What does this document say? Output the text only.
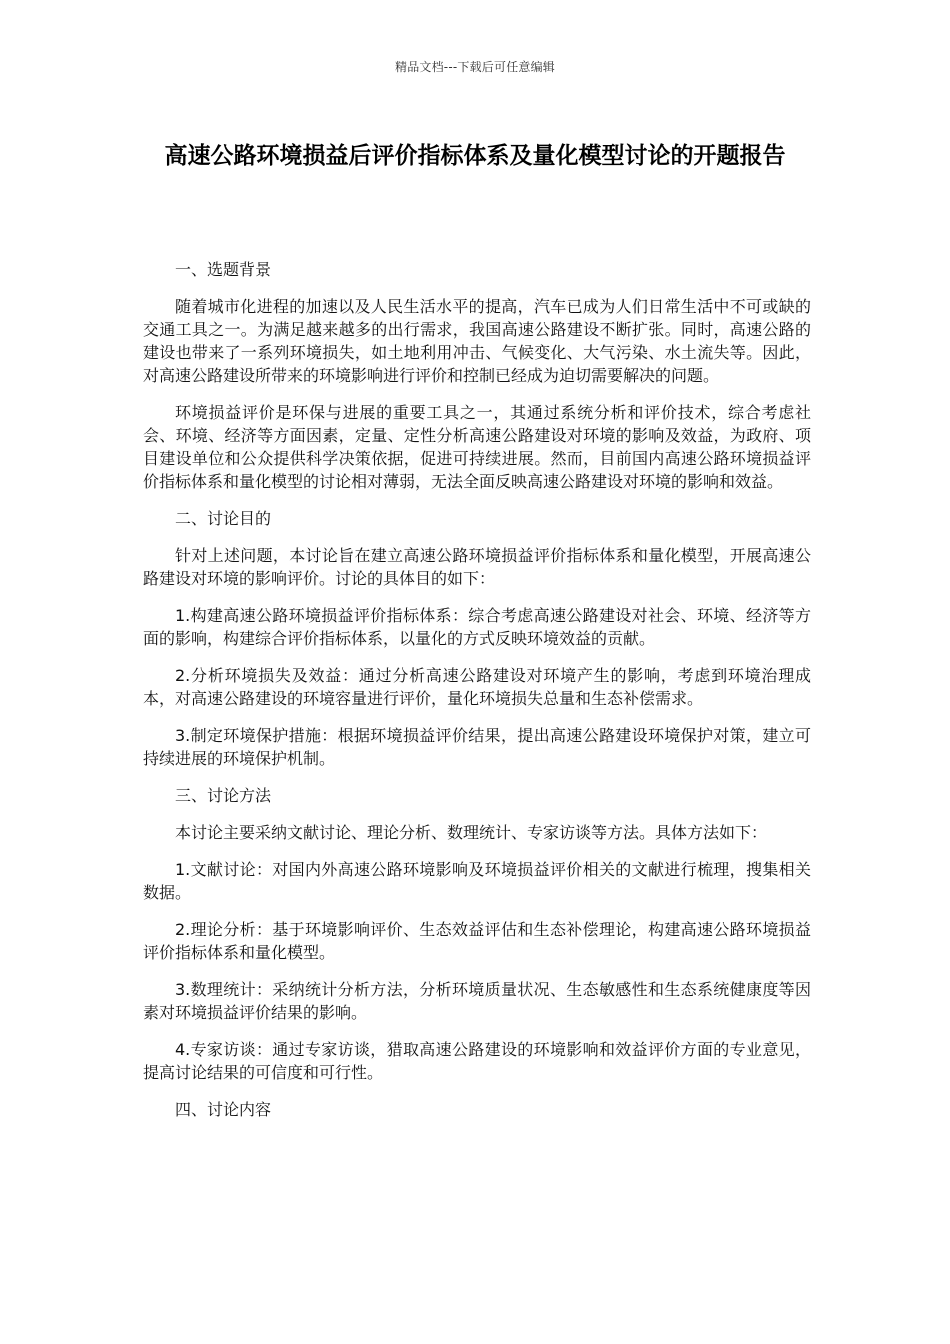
精品文档---下载后可任意编辑
高速公路环境损益后评价指标体系及量化模型讨论的开题报告

一、选题背景

随着城市化进程的加速以及人民生活水平的提高，汽车已成为人们日常生活中不可或缺的交通工具之一。为满足越来越多的出行需求，我国高速公路建设不断扩张。同时，高速公路的建设也带来了一系列环境损失，如土地利用冲击、气候变化、大气污染、水土流失等。因此，对高速公路建设所带来的环境影响进行评价和控制已经成为迫切需要解决的问题。

环境损益评价是环保与进展的重要工具之一，其通过系统分析和评价技术，综合考虑社会、环境、经济等方面因素，定量、定性分析高速公路建设对环境的影响及效益，为政府、项目建设单位和公众提供科学决策依据，促进可持续进展。然而，目前国内高速公路环境损益评价指标体系和量化模型的讨论相对薄弱，无法全面反映高速公路建设对环境的影响和效益。

二、讨论目的

针对上述问题，本讨论旨在建立高速公路环境损益评价指标体系和量化模型，开展高速公路建设对环境的影响评价。讨论的具体目的如下：

1.构建高速公路环境损益评价指标体系：综合考虑高速公路建设对社会、环境、经济等方面的影响，构建综合评价指标体系，以量化的方式反映环境效益的贡献。

2.分析环境损失及效益：通过分析高速公路建设对环境产生的影响，考虑到环境治理成本，对高速公路建设的环境容量进行评价，量化环境损失总量和生态补偿需求。

3.制定环境保护措施：根据环境损益评价结果，提出高速公路建设环境保护对策，建立可持续进展的环境保护机制。

三、讨论方法

本讨论主要采纳文献讨论、理论分析、数理统计、专家访谈等方法。具体方法如下：

1.文献讨论：对国内外高速公路环境影响及环境损益评价相关的文献进行梳理，搜集相关数据。

2.理论分析：基于环境影响评价、生态效益评估和生态补偿理论，构建高速公路环境损益评价指标体系和量化模型。

3.数理统计：采纳统计分析方法，分析环境质量状况、生态敏感性和生态系统健康度等因素对环境损益评价结果的影响。

4.专家访谈：通过专家访谈，猎取高速公路建设的环境影响和效益评价方面的专业意见，提高讨论结果的可信度和可行性。

四、讨论内容
